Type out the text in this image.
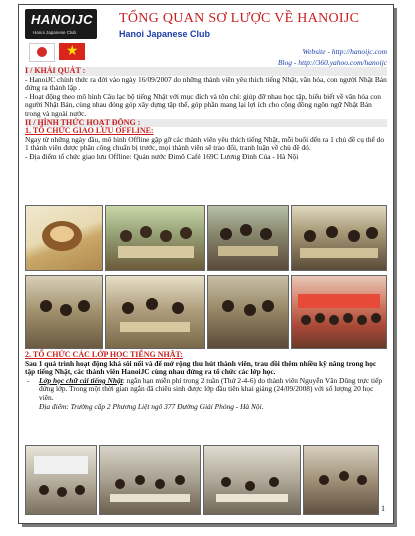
HANOIJC
Hanoi Japanese Club
★
TỔNG QUAN SƠ LƯỢC VỀ HANOIJC
Hanoi Japanese Club
Website - http://hanoijc.com
Blog - http://360.yahoo.com/hanoijc

I / KHÁI QUÁT :

- HanoiJC chính thức ra đời vào ngày 16/09/2007 do những thành viên yêu thích tiếng Nhật, văn hóa, con người Nhật Bản đứng ra thành lập .

- Hoạt động theo mô hình Câu lạc bộ tiếng Nhật với mục đích và tôn chỉ: giúp đỡ nhau học tập, hiểu biết về văn hóa con người Nhật Bản, cùng nhau đóng góp xây dựng tập thể, góp phần mang lại lợi ích cho cộng đồng ngôn ngữ Nhật Bản trong và ngoài nước.

II / HÌNH THỨC HOẠT ĐỘNG :

1. TỔ CHỨC GIAO LƯU OFFLINE:

Ngay từ những ngày đầu, mô hình Offline gặp gỡ các thành viên yêu thích tiếng Nhật, mỗi buổi đến ra 1 chủ đề cụ thể do 1 thành viên được phân công chuẩn bị trước, mọi thành viên sẽ trao đổi, tranh luận về chủ đề đó.

- Địa điểm tổ chức giao lưu Offline: Quán nước Đimô Café 169C Lương Đình Của - Hà Nội

2. TỔ CHỨC CÁC LỚP HỌC TIẾNG NHẬT:

Sau 1 quá trình hoạt động khá sôi nổi và để mở rộng thu hút thành viên, trau dồi thêm nhiều kỹ năng trong học tập tiếng Nhật, các thành viên HanoiJC cùng nhau đứng ra tổ chức các lớp học.

- Lớp học chữ cái tiếng Nhật: ngắn hạn miễn phí trong 2 tuần (Thứ 2-4-6) do thành viên Nguyễn Văn Dũng trực tiếp đứng lớp. Trong một thời gian ngắn đã chiêu sinh được lớp đầu tiên khai giảng (24/09/2008) với số lượng 20 học viên.

Địa điểm: Trường cấp 2 Phương Liệt ngõ 377 Đường Giải Phóng - Hà Nội.

1
